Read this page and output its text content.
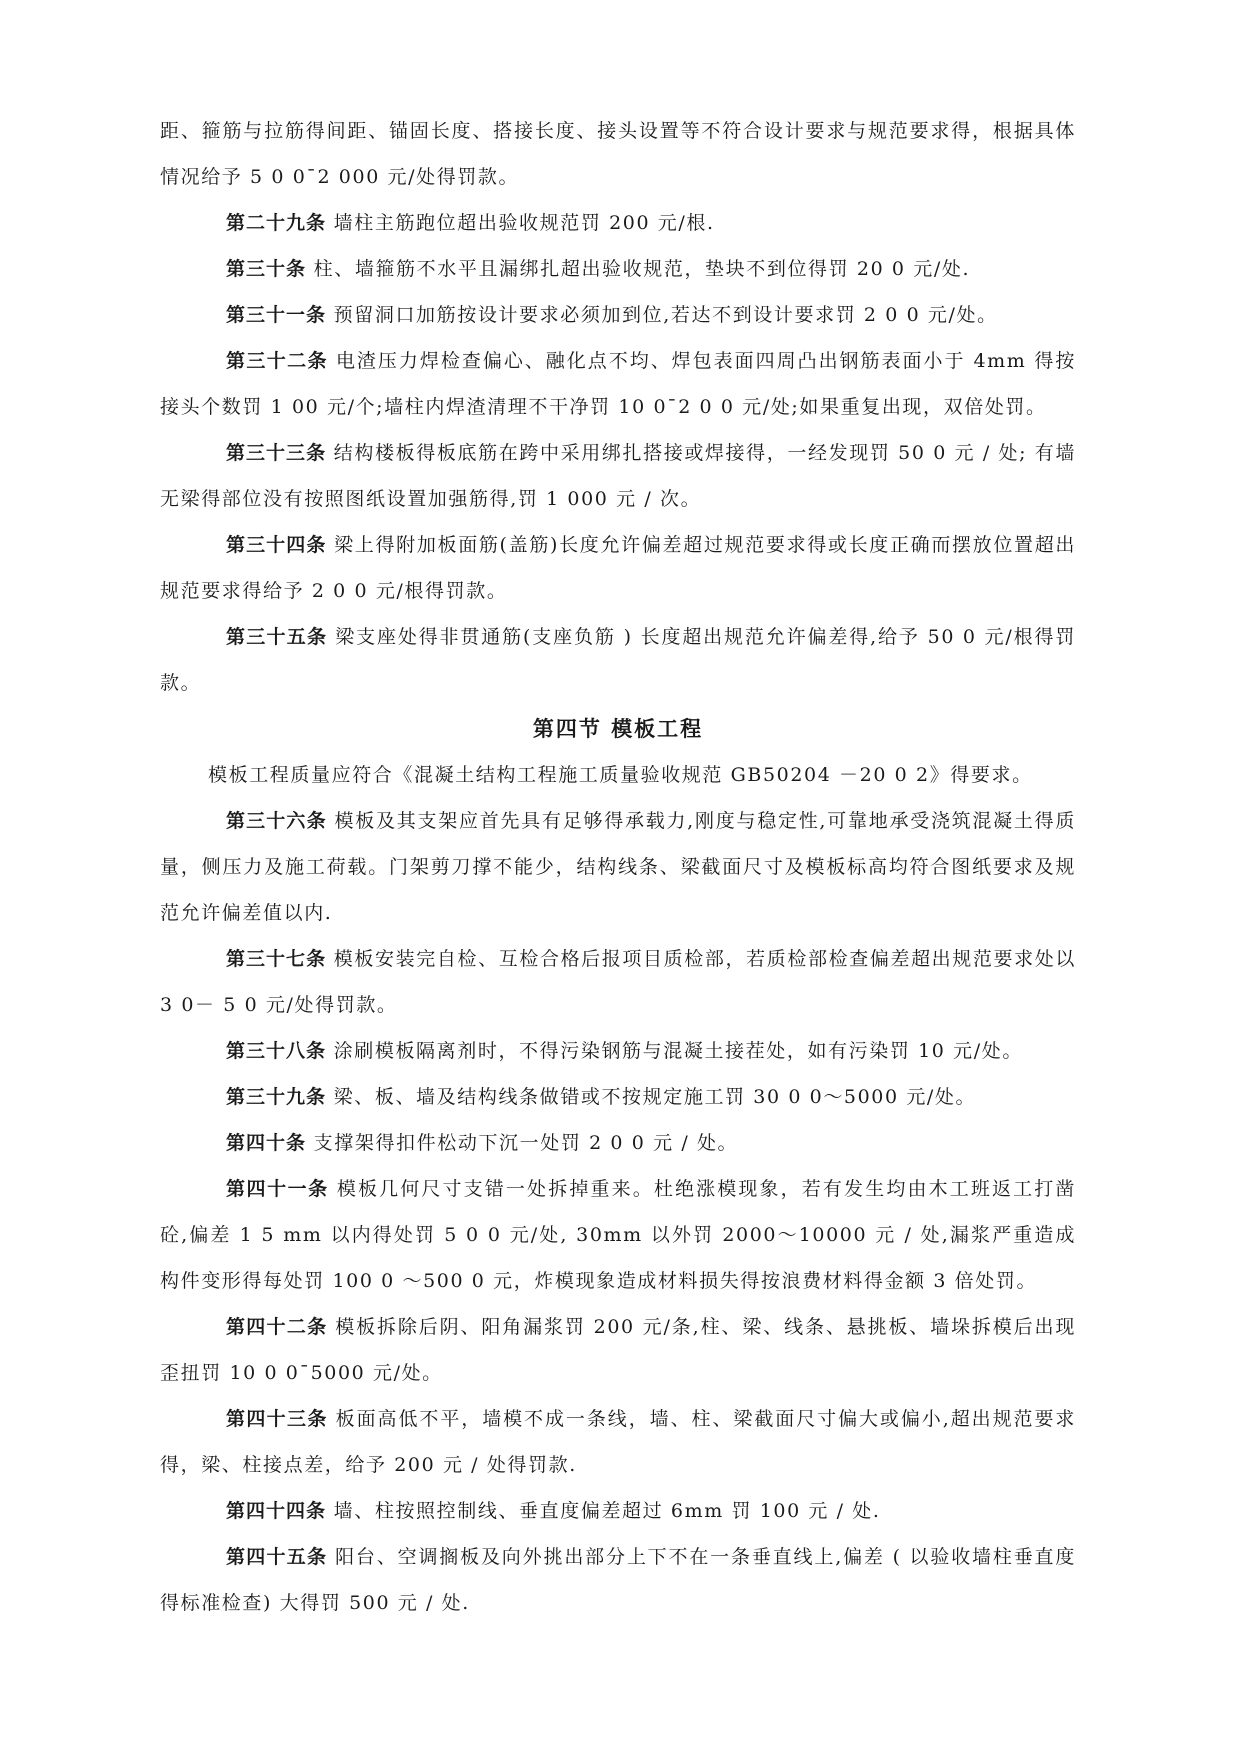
距、箍筋与拉筋得间距、锚固长度、搭接长度、接头设置等不符合设计要求与规范要求得，根据具体情况给予 5 0 0¯2 000 元/处得罚款。

第二十九条 墙柱主筋跑位超出验收规范罚 200 元/根.

第三十条 柱、墙箍筋不水平且漏绑扎超出验收规范，垫块不到位得罚 20 0 元/处.

第三十一条 预留洞口加筋按设计要求必须加到位,若达不到设计要求罚 2 0 0 元/处。

第三十二条 电渣压力焊检查偏心、融化点不均、焊包表面四周凸出钢筋表面小于 4mm 得按接头个数罚 1 00 元/个;墙柱内焊渣清理不干净罚 10 0¯2 0 0 元/处;如果重复出现，双倍处罚。

第三十三条 结构楼板得板底筋在跨中采用绑扎搭接或焊接得，一经发现罚 50 0 元 / 处; 有墙无梁得部位没有按照图纸设置加强筋得,罚 1 000 元 / 次。

第三十四条 梁上得附加板面筋(盖筋)长度允许偏差超过规范要求得或长度正确而摆放位置超出规范要求得给予 2 0 0 元/根得罚款。

第三十五条 梁支座处得非贯通筋(支座负筋 ) 长度超出规范允许偏差得,给予 50 0 元/根得罚款。

第四节 模板工程

模板工程质量应符合《混凝土结构工程施工质量验收规范 GB50204 －20 0 2》得要求。

第三十六条 模板及其支架应首先具有足够得承载力,刚度与稳定性,可靠地承受浇筑混凝土得质量，侧压力及施工荷载。门架剪刀撑不能少，结构线条、梁截面尺寸及模板标高均符合图纸要求及规范允许偏差值以内.

第三十七条 模板安装完自检、互检合格后报项目质检部，若质检部检查偏差超出规范要求处以 3 0－ 5 0 元/处得罚款。

第三十八条 涂刷模板隔离剂时，不得污染钢筋与混凝土接茬处，如有污染罚 10 元/处。

第三十九条 梁、板、墙及结构线条做错或不按规定施工罚 30 0 0～5000 元/处。

第四十条 支撑架得扣件松动下沉一处罚 2 0 0 元 / 处。

第四十一条 模板几何尺寸支错一处拆掉重来。杜绝涨模现象，若有发生均由木工班返工打凿砼,偏差 1 5 mm 以内得处罚 5 0 0 元/处, 30mm 以外罚 2000～10000 元 / 处,漏浆严重造成构件变形得每处罚 100 0 ～500 0 元，炸模现象造成材料损失得按浪费材料得金额 3 倍处罚。

第四十二条 模板拆除后阴、阳角漏浆罚 200 元/条,柱、梁、线条、悬挑板、墙垛拆模后出现歪扭罚 10 0 0¯5000 元/处。

第四十三条 板面高低不平，墙模不成一条线，墙、柱、梁截面尺寸偏大或偏小,超出规范要求得，梁、柱接点差，给予 200 元 / 处得罚款.

第四十四条 墙、柱按照控制线、垂直度偏差超过 6mm 罚 100 元 / 处.

第四十五条 阳台、空调搁板及向外挑出部分上下不在一条垂直线上,偏差 ( 以验收墙柱垂直度得标准检查) 大得罚 500 元 / 处.
